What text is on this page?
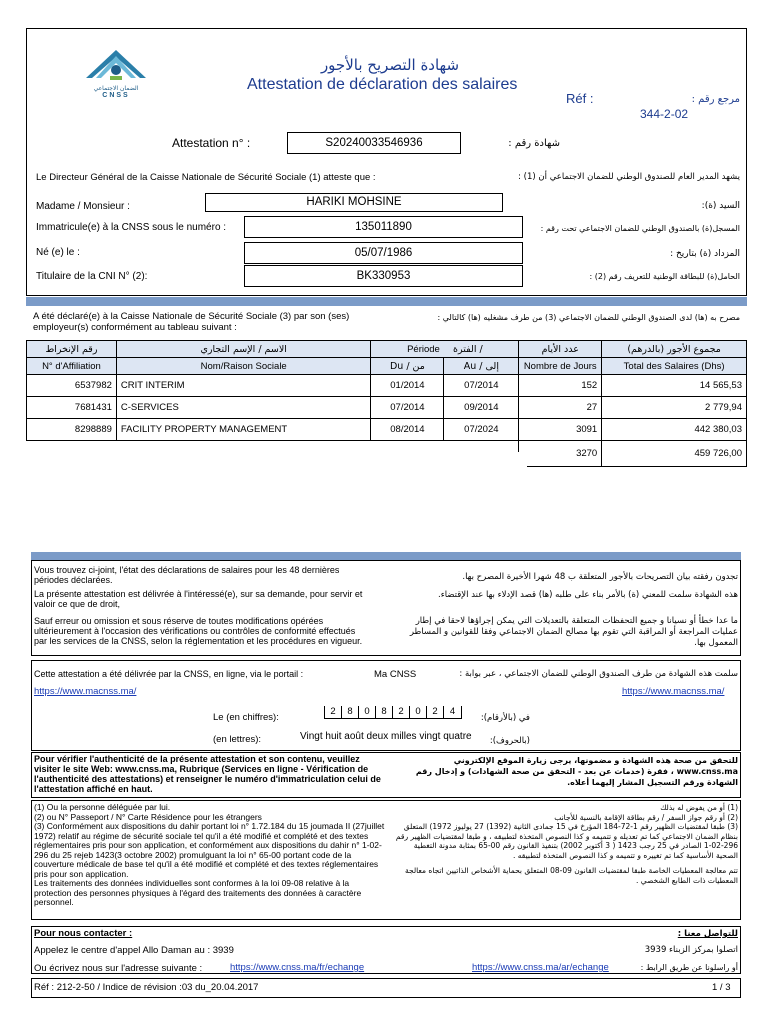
الضمان الاجتماعي
CNSS
شهادة التصريح بالأجور
Attestation de déclaration des salaires
Réf :	مرجع رقم :
344-2-02
Attestation n° :	S20240033546936	شهادة رقم :
Le Directeur Général de la Caisse Nationale de Sécurité Sociale (1) atteste que :	يشهد المدير العام للصندوق الوطني للضمان الاجتماعي أن (1) :
Madame / Monsieur :	HARIKI MOHSINE	السيد (ة):
Immatricule(e) à la CNSS sous le numéro :	135011890	المسجل(ة) بالصندوق الوطني للضمان الاجتماعي تحت رقم :
Né (e) le :	05/07/1986	المزداد (ة) بتاريخ :
Titulaire de la CNI N° (2):	BK330953	الحامل(ة) للبطاقة الوطنية للتعريف رقم (2) :
A été déclaré(e) à la Caisse Nationale de Sécurité Sociale (3) par son (ses) employeur(s) conformément au tableau suivant :
مصرح به (ها) لدى الصندوق الوطني للضمان الاجتماعي (3) من طرف مشغليه (ها) كالتالي :
رقم الإنخراط	الاسم / الإسم التجاري	Période الفترة /		عدد الأيام	مجموع الأجور (بالدرهم)
N° d'Affiliation	Nom/Raison Sociale	Du / من	Au / إلى	Nombre de Jours	Total des Salaires (Dhs)
6537982	CRIT INTERIM	01/2014	07/2014	152	14 565,53
7681431	C-SERVICES	07/2014	09/2014	27	2 779,94
8298889	FACILITY PROPERTY MANAGEMENT	08/2014	07/2024	3091	442 380,03
				3270	459 726,00
Vous trouvez ci-joint, l'état des déclarations de salaires pour les 48 dernières périodes déclarées.	تجدون رفقته بيان التصريحات بالأجور المتعلقة ب 48 شهرا الأخيرة المصرح بها.
La présente attestation est délivrée à l'intéressé(e), sur sa demande, pour servir et valoir ce que de droit,
هذه الشهادة سلمت للمعني (ة) بالأمر بناء على طلبه (ها) قصد الإدلاء بها عند الإقتضاء.
Sauf erreur ou omission et sous réserve de toutes modifications opérées ultérieurement à l'occasion des vérifications ou contrôles de conformité effectués par les services de la CNSS, selon la réglementation et les procédures en vigueur.
ما عدا خطأ أو نسيانا و جميع التحفظات المتعلقة بالتعديلات التي يمكن إجراؤها لاحقا في إطار عمليات المراجعة أو المراقبة التي تقوم بها مصالح الضمان الاجتماعي وفقا للقوانين و المساطر المعمول بها.
Cette attestation a été délivrée par la CNSS, en ligne, via le portail :	Ma CNSS	سلمت هذه الشهادة من طرف الصندوق الوطني للضمان الاجتماعي ، عبر بوابة :
https://www.macnss.ma/	https://www.macnss.ma/
Le (en chiffres):
2	8	0	8	2	0	2	4
في (بالأرقام):
(en lettres):	Vingt huit août deux milles vingt quatre	(بالحروف):
Pour vérifier l'authenticité de la présente attestation et son contenu, veuillez visiter le site Web: www.cnss.ma, Rubrique (Services en ligne - Vérification de l'authenticité des attestations) et renseigner le numéro d'immatriculation celui de l'attestation affiché en haut.
للتحقق من صحة هذه الشهادة و مضمونها، يرجى زيارة الموقع الإلكتروني www.cnss.ma ، فقرة (خدمات عن بعد - التحقق من صحة الشهادات) و إدخال رقم الشهادة ورقم التسجيل المشار إليهما أعلاه.
(1) Ou la personne déléguée par lui.
(2) ou N° Passeport / N° Carte Résidence pour les étrangers
(3) Conformément aux dispositions du dahir portant loi n° 1.72.184 du 15 joumada II (27juillet 1972) relatif au régime de sécurité sociale tel qu'il a été modifié et complété et des textes réglementaires pris pour son application, et conformément aux dispositions du dahir n° 1-02-296 du 25 rejeb 1423(3 octobre 2002) promulguant la loi n° 65-00 portant code de la couverture médicale de base tel qu'il a été modifié et complété et des textes réglementaires pris pour son application.
Les traitements des données individuelles sont conformes à la loi 09-08 relative à la protection des personnes physiques à l'égard des traitements des données à caractère personnel.
(1) أو من يفوض له بذلك
(2) أو رقم جواز السفر / رقم بطاقة الإقامة بالنسبة للأجانب
(3) طبقا لمقتضيات الظهير رقم 1-72-184 المؤرخ في 15 جمادى الثانية (1392) 27 يوليوز 1972) المتعلق بنظام الضمان الاجتماعي كما تم تعديله و تتميمه و كذا النصوص المتخذة لتطبيقه ، و طبقا لمقتضيات الظهير رقم 296-02-1 الصادر في 25 رجب 1423 ( 3 أكتوبر 2002) بتنفيذ القانون رقم 00-65 بمثابة مدونة التغطية الصحية الأساسية كما تم تغييره و تتميمه و كذا النصوص المتخذة لتطبيقه .
تتم معالجة المعطيات الخاصة طبقا لمقتضيات القانون 09-08 المتعلق بحماية الأشخاص الذاتيين اتجاه معالجة المعطيات ذات الطابع الشخصي .
Pour nous contacter :	للتواصل معنا :
Appelez le centre d'appel Allo Daman au : 3939	اتصلوا بمركز الزبناء 3939
Ou écrivez nous sur l'adresse suivante :	https://www.cnss.ma/fr/echange	https://www.cnss.ma/ar/echange	أو راسلونا عن طريق الرابط :
Réf : 212-2-50 / Indice de révision :03 du_20.04.2017	1 / 3
